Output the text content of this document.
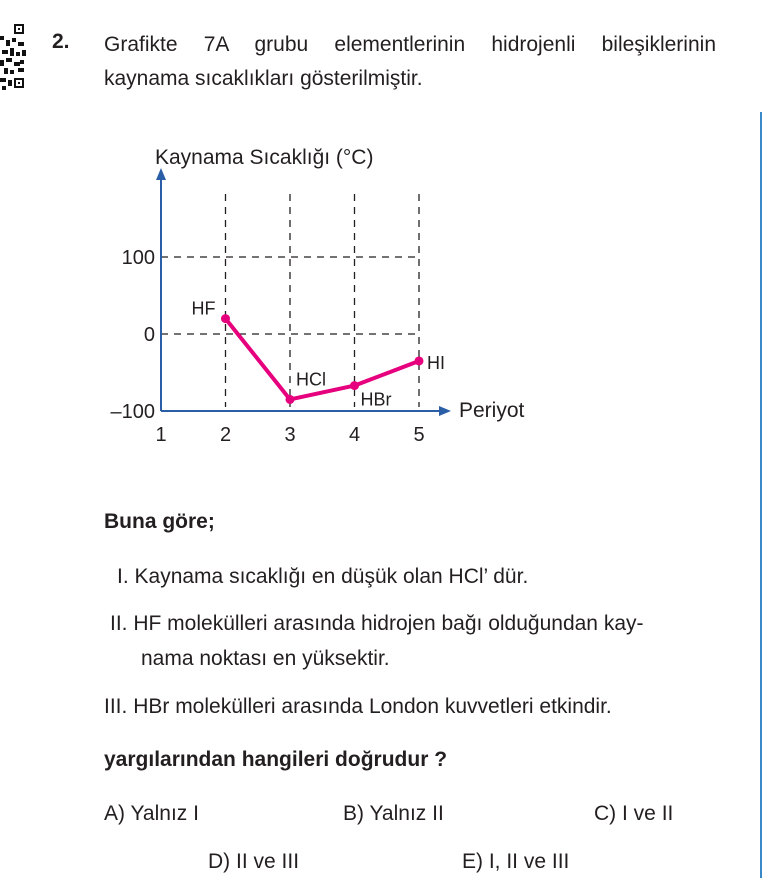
2. Grafikte 7A grubu elementlerinin hidrojenli bileşiklerinin
kaynama sıcaklıkları gösterilmiştir.
Kaynama Sıcaklığı (°C)
Periyot
–100
0
100
1	2	3	4	5
HF
HCl
HBr
HI
Buna göre;
I. Kaynama sıcaklığı en düşük olan HCl’ dür.
II. HF molekülleri arasında hidrojen bağı olduğundan kay-
nama noktası en yüksektir.
III. HBr molekülleri arasında London kuvvetleri etkindir.
yargılarından hangileri doğrudur ?
A) Yalnız I	B) Yalnız II	C) I ve II
D) II ve III	E) I, II ve III
